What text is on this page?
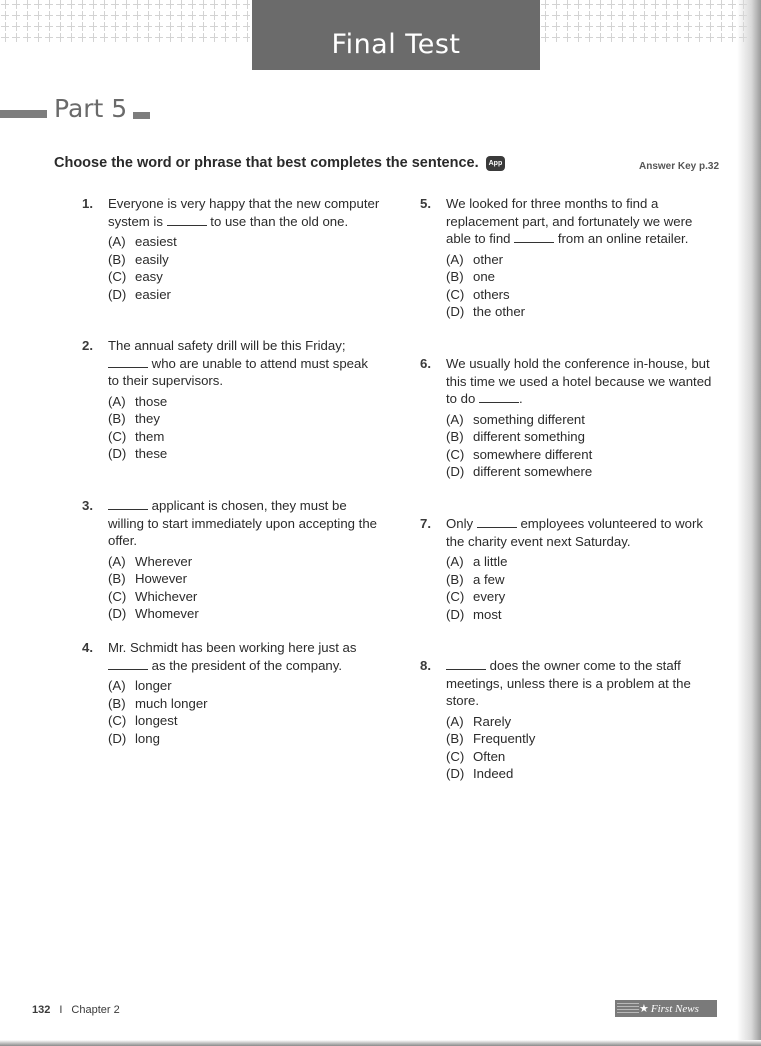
Final Test
Part 5
Choose the word or phrase that best completes the sentence.	App	Answer Key p.32
1. Everyone is very happy that the new computer system is	to use than the old one.

(A) easiest
(B) easily
(C) easy
(D) easier
2. The annual safety drill will be this Friday;  who are unable to attend must speak to their supervisors.

(A) those
(B) they
(C) them
(D) these
3.	applicant is chosen, they must be willing to start immediately upon accepting the offer.

(A) Wherever
(B) However
(C) Whichever
(D) Whomever
4. Mr. Schmidt has been working here just as  as the president of the company.

(A) longer
(B) much longer
(C) longest
(D) long
5. We looked for three months to find a replacement part, and fortunately we were able to find	from an online retailer.

(A) other
(B) one
(C) others
(D) the other
6. We usually hold the conference in-house, but this time we used a hotel because we wanted to do	.

(A) something different
(B) different something
(C) somewhere different
(D) different somewhere
7. Only	employees volunteered to work the charity event next Saturday.

(A) a little
(B) a few
(C) every
(D) most
8.	does the owner come to the staff meetings, unless there is a problem at the store.

(A) Rarely
(B) Frequently
(C) Often
(D) Indeed
132 I Chapter 2	★ First News
